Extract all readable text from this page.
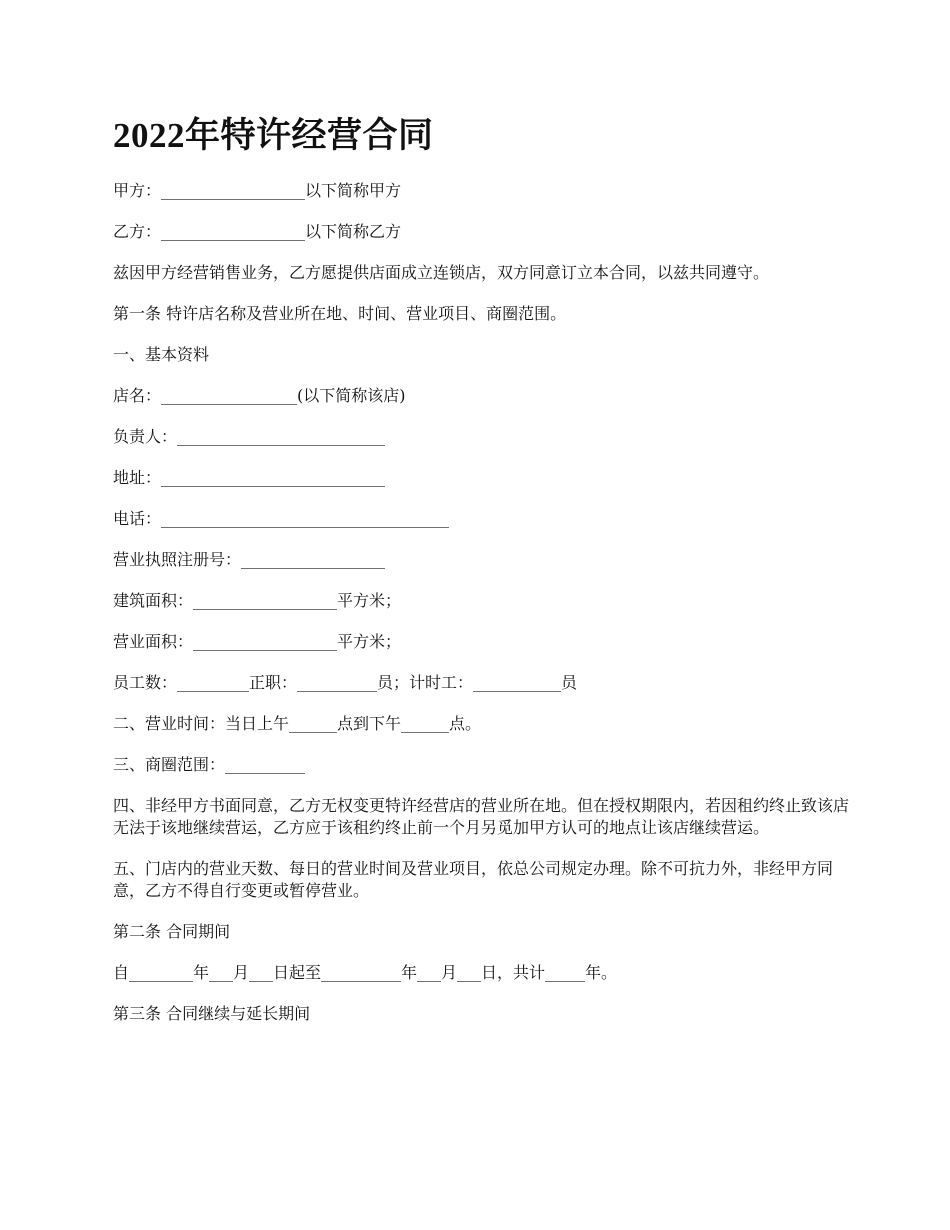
2022年特许经营合同

甲方：__________________以下简称甲方

乙方：__________________以下简称乙方

兹因甲方经营销售业务，乙方愿提供店面成立连锁店，双方同意订立本合同，以兹共同遵守。

第一条 特许店名称及营业所在地、时间、营业项目、商圈范围。

一、基本资料

店名：_________________(以下简称该店)

负责人：__________________________

地址：____________________________

电话：____________________________________

营业执照注册号：__________________

建筑面积：__________________平方米；

营业面积：__________________平方米；

员工数：_________正职：__________员；计时工：___________员

二、营业时间：当日上午______点到下午______点。

三、商圈范围：__________

四、非经甲方书面同意，乙方无权变更特许经营店的营业所在地。但在授权期限内，若因租约终止致该店无法于该地继续营运，乙方应于该租约终止前一个月另觅加甲方认可的地点让该店继续营运。

五、门店内的营业天数、每日的营业时间及营业项目，依总公司规定办理。除不可抗力外，非经甲方同意，乙方不得自行变更或暂停营业。

第二条 合同期间

自________年___月___日起至__________年___月___日，共计_____年。

第三条 合同继续与延长期间
